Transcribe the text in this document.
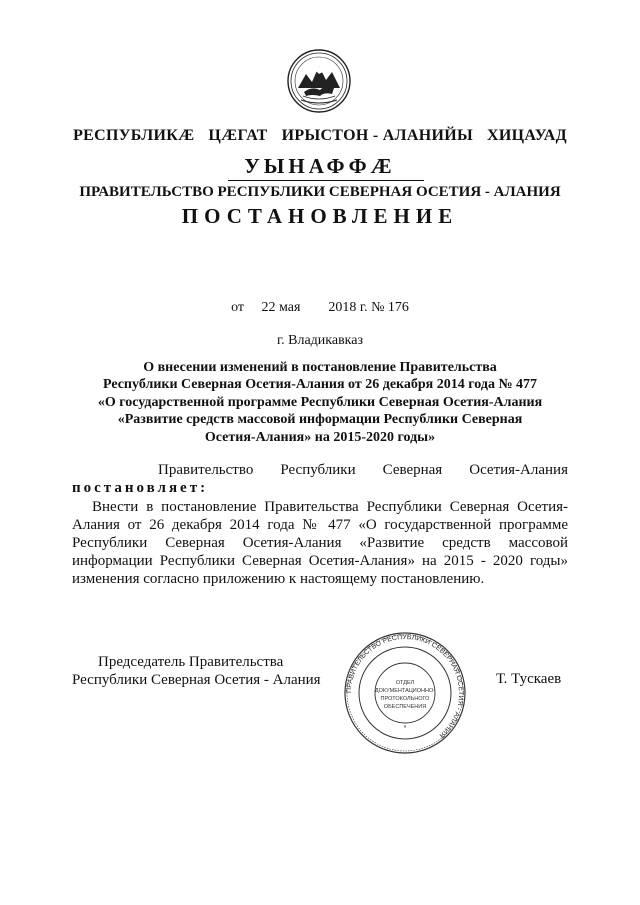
РЕСПУБЛИКӔ ЦӔГАТ ИРЫСТОН - АЛАНИЙЫ ХИЦАУАД
УЫНАФФӔ
ПРАВИТЕЛЬСТВО РЕСПУБЛИКИ СЕВЕРНАЯ ОСЕТИЯ - АЛАНИЯ
ПОСТАНОВЛЕНИЕ
от     22 мая        2018 г. № 176
г. Владикавказ
О внесении изменений в постановление Правительства
Республики Северная Осетия-Алания от 26 декабря 2014 года № 477
«О государственной программе Республики Северная Осетия-Алания
«Развитие средств массовой информации Республики Северная
Осетия-Алания» на 2015-2020 годы»
Правительство Республики Северная Осетия-Алания
постановляет:
Внести в постановление Правительства Республики Северная Осетия-Алания от 26 декабря 2014 года № 477 «О государственной программе Республики Северная Осетия-Алания «Развитие средств массовой информации Республики Северная Осетия-Алания» на 2015 - 2020 годы» изменения согласно приложению к настоящему постановлению.
Председатель Правительства
Республики Северная Осетия - Алания
ПРАВИТЕЛЬСТВО РЕСПУБЛИКИ СЕВЕРНАЯ ОСЕТИЯ - АЛАНИЯ
ОТДЕЛ
ДОКУМЕНТАЦИОННО-
ПРОТОКОЛЬНОГО
ОБЕСПЕЧЕНИЯ
*
Т. Тускаев
